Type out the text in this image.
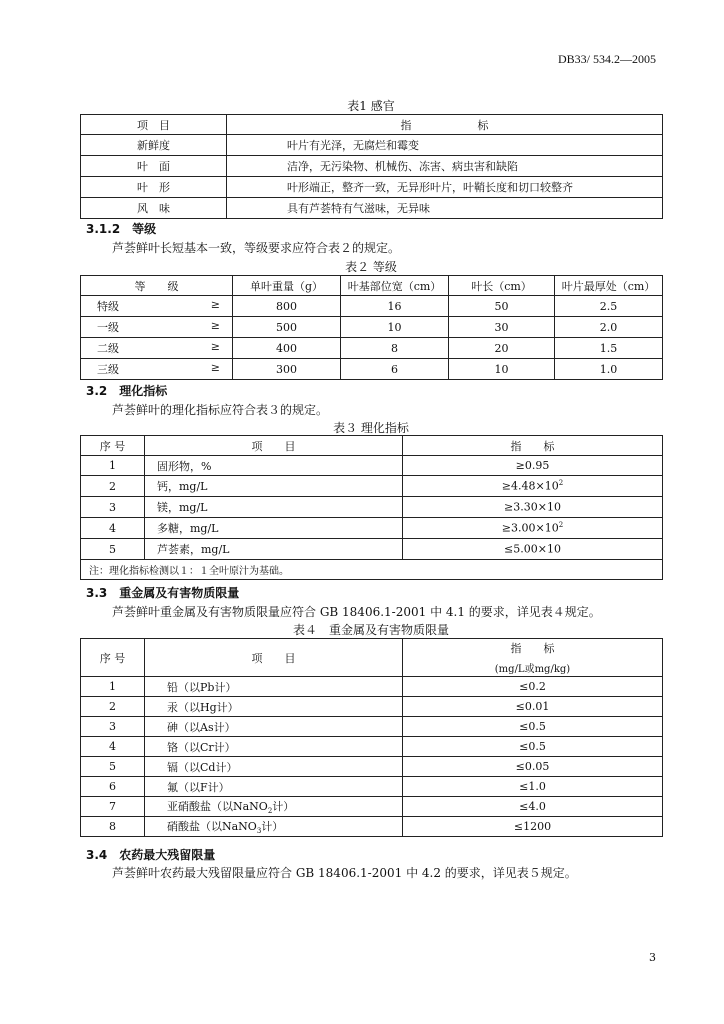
DB33/ 534.2—2005
表1 感官
项　目	指　　　　　　标
新鲜度	叶片有光泽，无腐烂和霉变
叶　面	洁净，无污染物、机械伤、冻害、病虫害和缺陷
叶　形	叶形端正，整齐一致，无异形叶片，叶鞘长度和切口较整齐
风　味	具有芦荟特有气滋味，无异味
3.1.2　等级
芦荟鲜叶长短基本一致，等级要求应符合表２的规定。
表２ 等级
等　　级	单叶重量（g）	叶基部位宽（cm）	叶长（cm）	叶片最厚处（cm）

特级 ≥	800	16	50	2.5

一级 ≥	500	10	30	2.0

二级 ≥	400	8	20	1.5

三级 ≥	300	6	10	1.0
3.2　理化指标
芦荟鲜叶的理化指标应符合表３的规定。
表３ 理化指标
序 号	项　　目	指　　标
1	固形物，%	≥0.95
2	钙，mg/L	$\ge 4.48\times 10^2$
3	镁，mg/L	≥3.30×10
4	多糖，mg/L	$\ge 3.00\times 10^2$
5	芦荟素，mg/L	≤5.00×10
注：理化指标检测以１：１全叶原汁为基础。		
3.3　重金属及有害物质限量
芦荟鲜叶重金属及有害物质限量应符合 GB 18406.1-2001 中 4.1 的要求，详见表４规定。
表４　重金属及有害物质限量
序 号	项　　目	指　　标
(mg/L或mg/kg)

1	铅（以Pb计）	≤0.2
2	汞（以Hg计）	≤0.01
3	砷（以As计）	≤0.5
4	铬（以Cr计）	≤0.5
5	镉（以Cd计）	≤0.05
6	氟（以F计）	≤1.0
7	亚硝酸盐（以NaNO$_2$计）	≤4.0
8	硝酸盐（以NaNO$_3$计）	≤1200
3.4　农药最大残留限量
芦荟鲜叶农药最大残留限量应符合 GB 18406.1-2001 中 4.2 的要求，详见表５规定。
3
